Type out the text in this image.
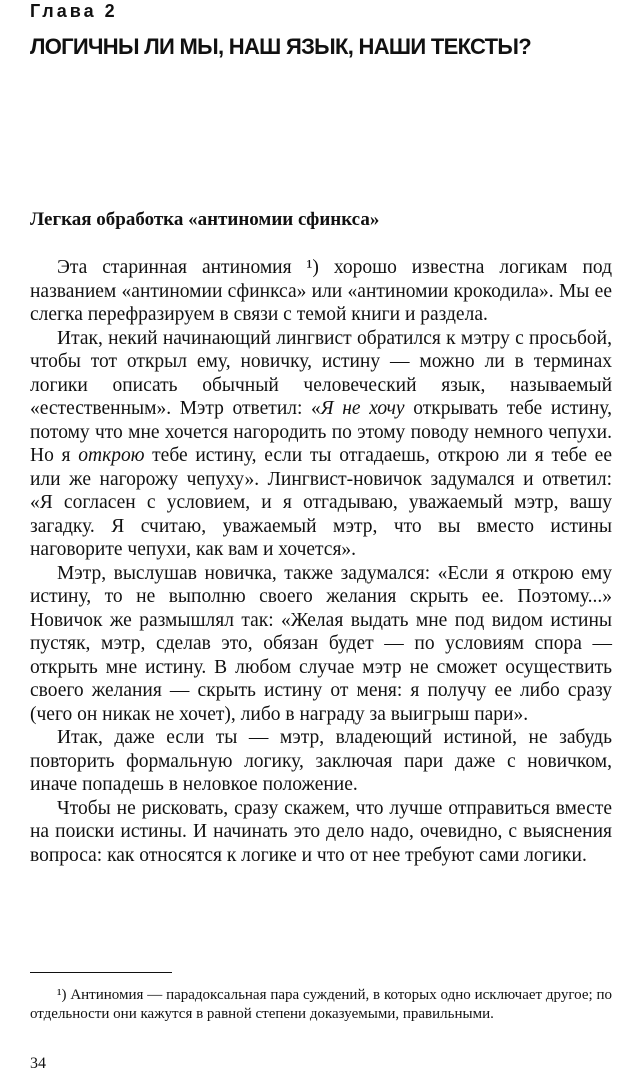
Глава 2
ЛОГИЧНЫ ЛИ МЫ, НАШ ЯЗЫК, НАШИ ТЕКСТЫ?
Легкая обработка «антиномии сфинкса»

Эта старинная антиномия ¹) хорошо известна логикам под названием «антиномии сфинкса» или «антиномии крокодила». Мы ее слегка перефразируем в связи с темой книги и раздела.

Итак, некий начинающий лингвист обратился к мэтру с просьбой, чтобы тот открыл ему, новичку, истину — можно ли в терминах логики описать обычный человеческий язык, называемый «естественным». Мэтр ответил: «Я не хочу открывать тебе истину, потому что мне хочется нагородить по этому поводу немного чепухи. Но я открою тебе истину, если ты отгадаешь, открою ли я тебе ее или же нагорожу чепуху». Лингвист-новичок задумался и ответил: «Я согласен с условием, и я отгадываю, уважаемый мэтр, вашу загадку. Я считаю, уважаемый мэтр, что вы вместо истины наговорите чепухи, как вам и хочется».

Мэтр, выслушав новичка, также задумался: «Если я открою ему истину, то не выполню своего желания скрыть ее. Поэтому...» Новичок же размышлял так: «Желая выдать мне под видом истины пустяк, мэтр, сделав это, обязан будет — по условиям спора — открыть мне истину. В любом случае мэтр не сможет осуществить своего желания — скрыть истину от меня: я получу ее либо сразу (чего он никак не хочет), либо в награду за выигрыш пари».

Итак, даже если ты — мэтр, владеющий истиной, не забудь повторить формальную логику, заключая пари даже с новичком, иначе попадешь в неловкое положение.

Чтобы не рисковать, сразу скажем, что лучше отправиться вместе на поиски истины. И начинать это дело надо, очевидно, с выяснения вопроса: как относятся к логике и что от нее требуют сами логики.

¹) Антиномия — парадоксальная пара суждений, в которых одно исключает другое; по отдельности они кажутся в равной степени доказуемыми, правильными.
34
